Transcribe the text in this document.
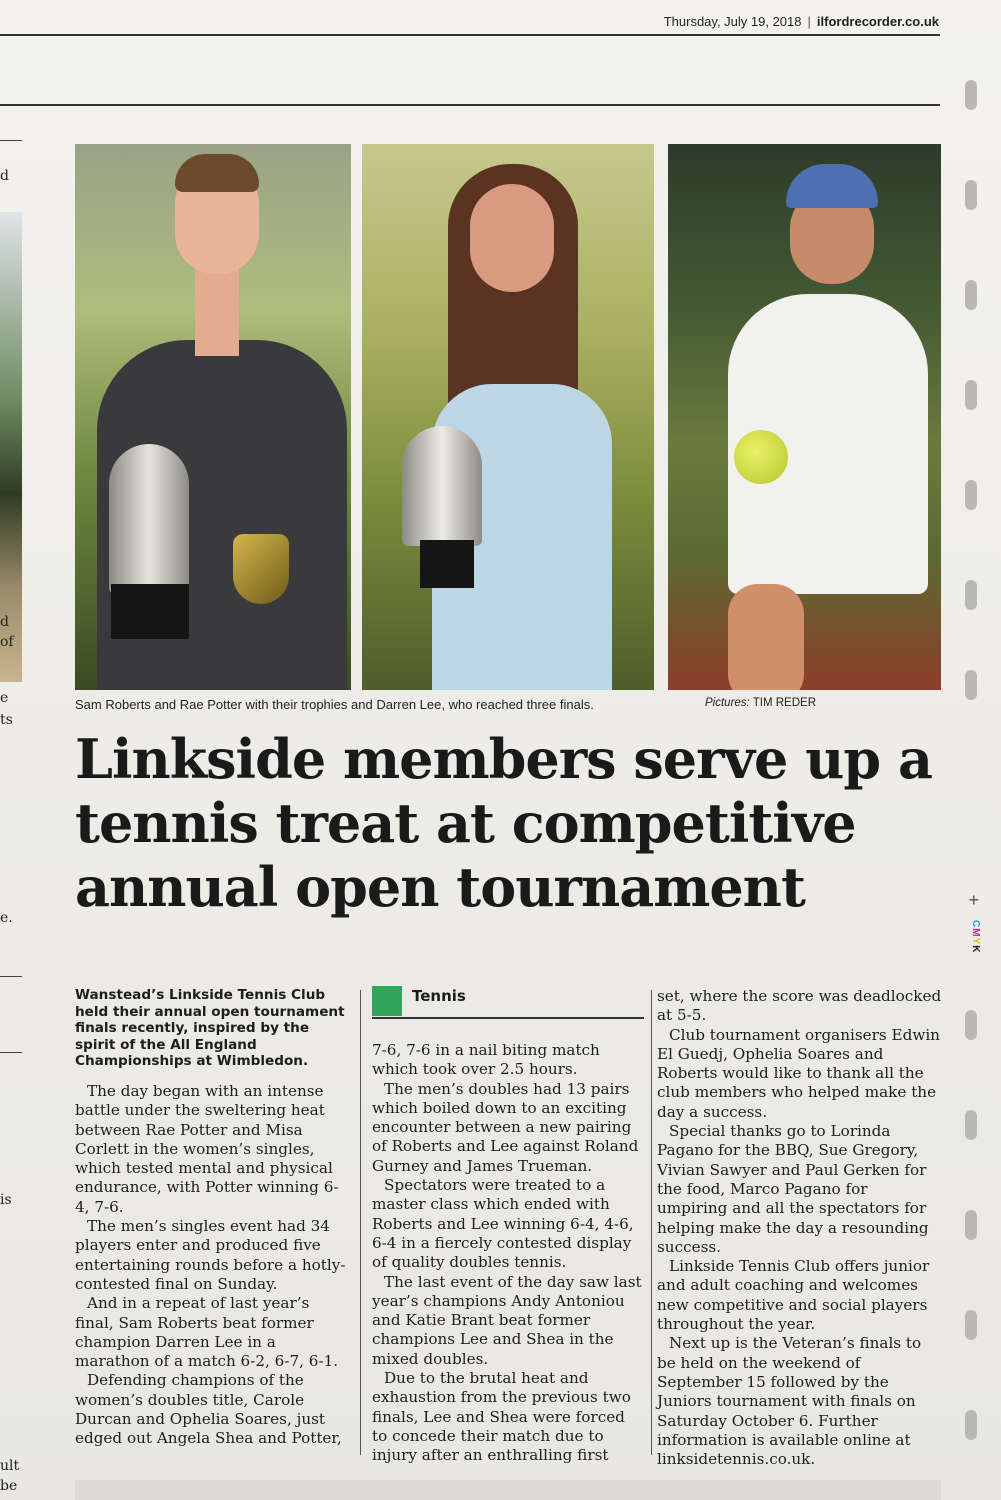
Thursday, July 19, 2018 | ilfordrecorder.co.uk
d
d
of
e
ts
e.
is
ult
be
Sam Roberts and Rae Potter with their trophies and Darren Lee, who reached three finals.	Pictures: TIM REDER
Linkside members serve up a tennis treat at competitive annual open tournament
Wanstead’s Linkside Tennis Club held their annual open tournament finals recently, inspired by the spirit of the All England Championships at Wimbledon.

The day began with an intense battle under the sweltering heat between Rae Potter and Misa Corlett in the women’s singles, which tested mental and physical endurance, with Potter winning 6-4, 7-6.

The men’s singles event had 34 players enter and produced five entertaining rounds before a hotly-contested final on Sunday.

And in a repeat of last year’s final, Sam Roberts beat former champion Darren Lee in a marathon of a match 6-2, 6-7, 6-1.

Defending champions of the women’s doubles title, Carole Durcan and Ophelia Soares, just edged out Angela Shea and Potter,

Tennis

7-6, 7-6 in a nail biting match which took over 2.5 hours.

The men’s doubles had 13 pairs which boiled down to an exciting encounter between a new pairing of Roberts and Lee against Roland Gurney and James Trueman.

Spectators were treated to a master class which ended with Roberts and Lee winning 6-4, 4-6, 6-4 in a fiercely contested display of quality doubles tennis.

The last event of the day saw last year’s champions Andy Antoniou and Katie Brant beat former champions Lee and Shea in the mixed doubles.

Due to the brutal heat and exhaustion from the previous two finals, Lee and Shea were forced to concede their match due to injury after an enthralling first

set, where the score was deadlocked at 5-5.

Club tournament organisers Edwin El Guedj, Ophelia Soares and Roberts would like to thank all the club members who helped make the day a success.

Special thanks go to Lorinda Pagano for the BBQ, Sue Gregory, Vivian Sawyer and Paul Gerken for the food, Marco Pagano for umpiring and all the spectators for helping make the day a resounding success.

Linkside Tennis Club offers junior and adult coaching and welcomes new competitive and social players throughout the year.

Next up is the Veteran’s finals to be held on the weekend of September 15 followed by the Juniors tournament with finals on Saturday October 6. Further information is available online at linksidetennis.co.uk.

+
CMYK
